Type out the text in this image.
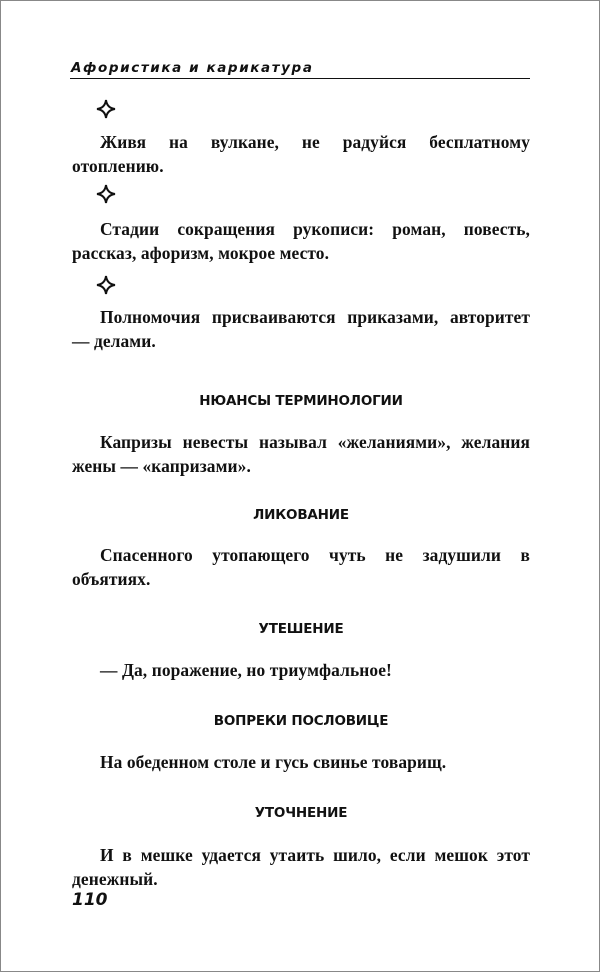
Афористика и карикатура
Живя на вулкане, не радуйся бесплатному отоплению.
Стадии сокращения рукописи: роман, повесть, рассказ, афоризм, мокрое место.
Полномочия присваиваются приказами, авторитет — делами.
НЮАНСЫ ТЕРМИНОЛОГИИ
Капризы невесты называл «желаниями», желания жены — «капризами».
ЛИКОВАНИЕ
Спасенного утопающего чуть не задушили в объятиях.
УТЕШЕНИЕ
— Да, поражение, но триумфальное!
ВОПРЕКИ ПОСЛОВИЦЕ
На обеденном столе и гусь свинье товарищ.
УТОЧНЕНИЕ
И в мешке удается утаить шило, если мешок этот денежный.
110
